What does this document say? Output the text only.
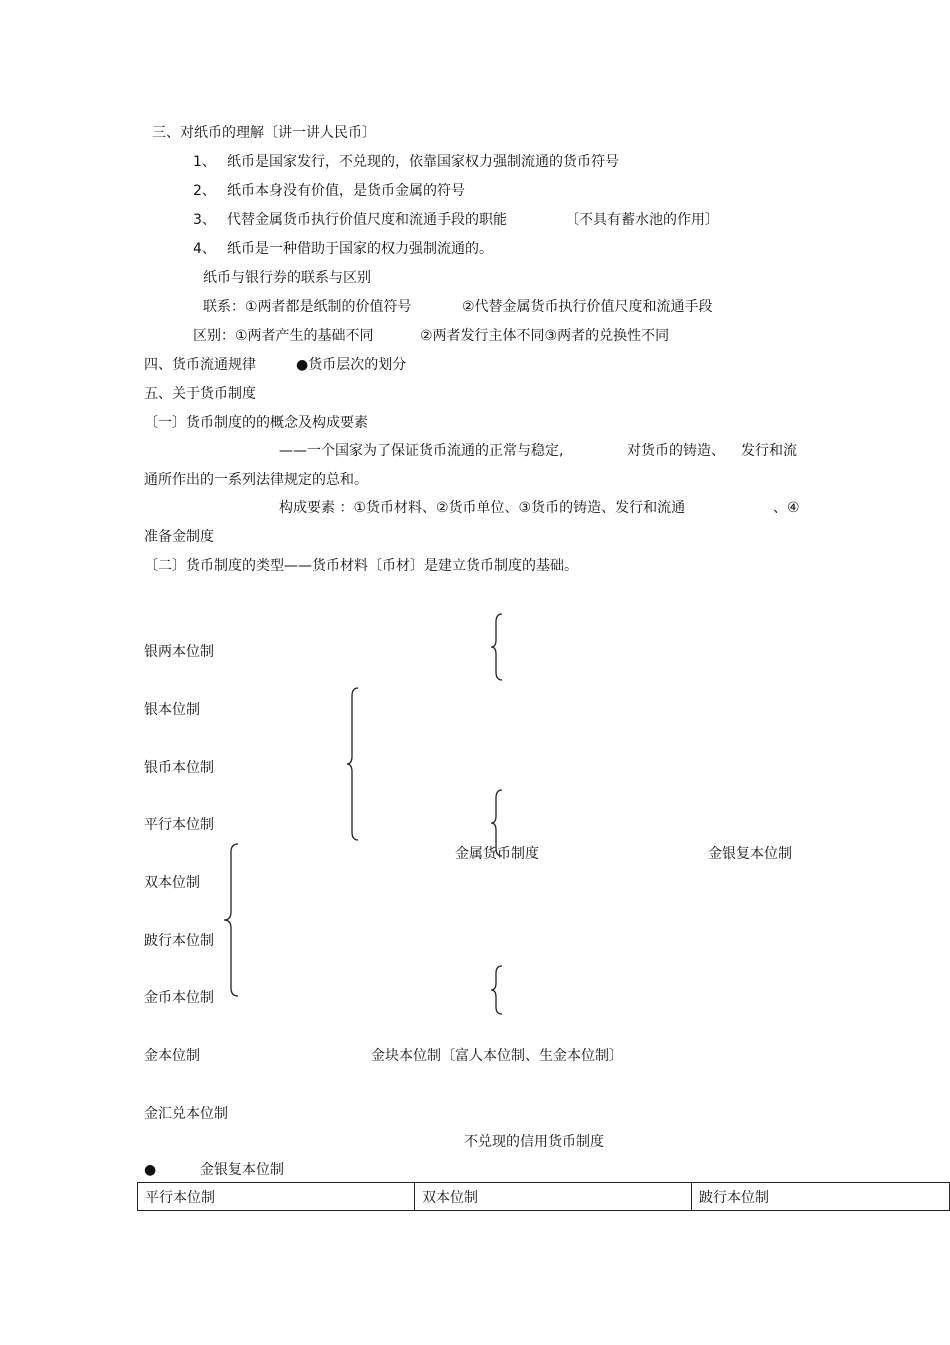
三、对纸币的理解〔讲一讲人民币〕
1、 纸币是国家发行，不兑现的，依靠国家权力强制流通的货币符号
2、 纸币本身没有价值，是货币金属的符号
3、 代替金属货币执行价值尺度和流通手段的职能	〔不具有蓄水池的作用〕
4、 纸币是一种借助于国家的权力强制流通的。
纸币与银行券的联系与区别
联系：①两者都是纸制的价值符号	②代替金属货币执行价值尺度和流通手段
区别：①两者产生的基础不同	②两者发行主体不同③两者的兑换性不同
四、货币流通规律	●货币层次的划分
五、关于货币制度
〔一〕货币制度的的概念及构成要素
——一个国家为了保证货币流通的正常与稳定,	对货币的铸造、 发行和流
通所作出的一系列法律规定的总和。
构成要素 ：①货币材料、②货币单位、③货币的铸造、发行和流通	、④
准备金制度
〔二〕货币制度的类型——货币材料〔币材〕是建立货币制度的基础。
银两本位制
银本位制
银币本位制
平行本位制
双本位制
跛行本位制
金币本位制
金本位制
金汇兑本位制
金属货币制度	金银复本位制
金块本位制〔富人本位制、生金本位制〕
不兑现的信用货币制度
●	金银复本位制
平行本位制	双本位制	跛行本位制
